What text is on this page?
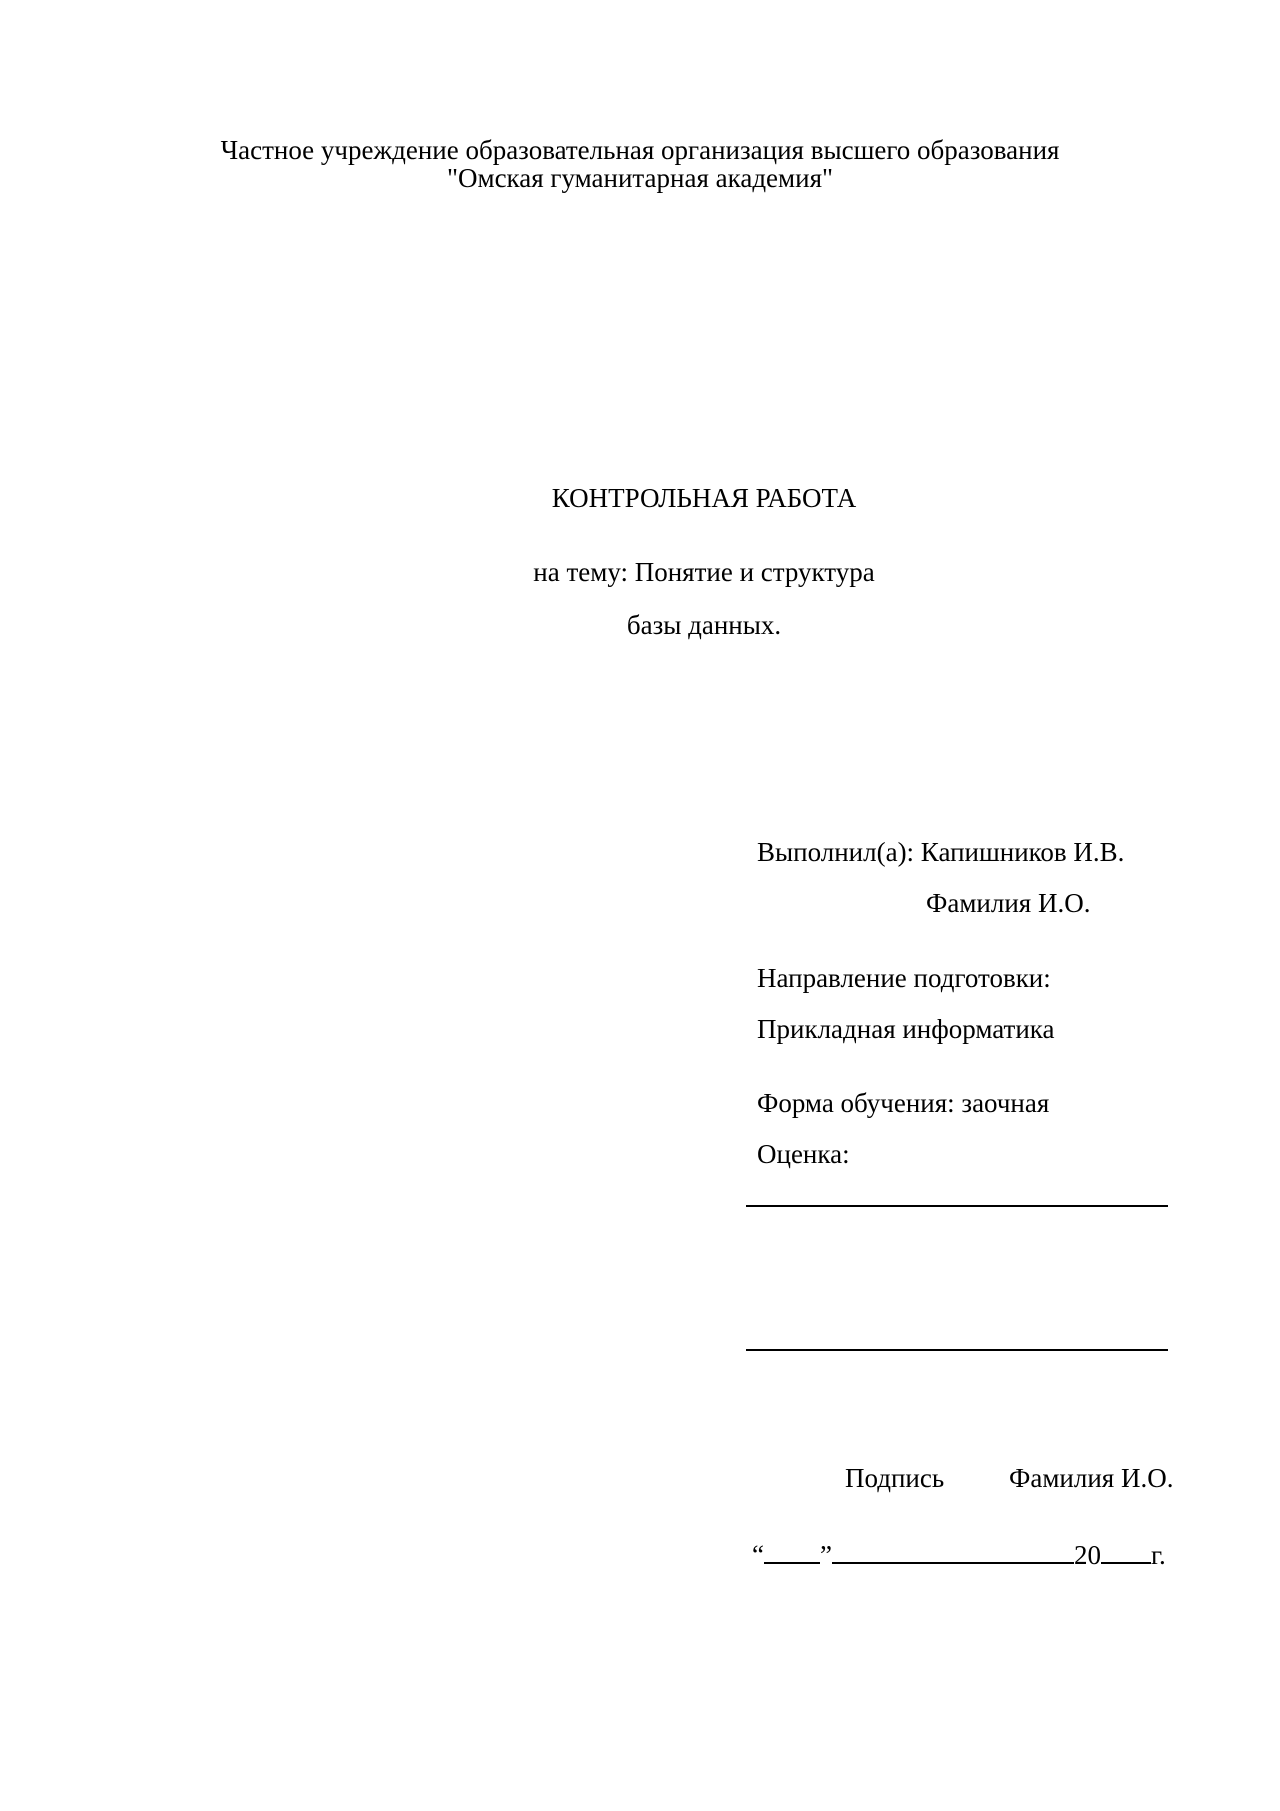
Частное учреждение образовательная организация высшего образования
"Омская гуманитарная академия"
КОНТРОЛЬНАЯ РАБОТА
на тему: Понятие и структура
базы данных.
Выполнил(а): Капишников И.В.
Фамилия И.О.
Направление подготовки:
Прикладная информатика
Форма обучения: заочная
Оценка:
Подпись Фамилия И.О.
“ ”	20 г.
